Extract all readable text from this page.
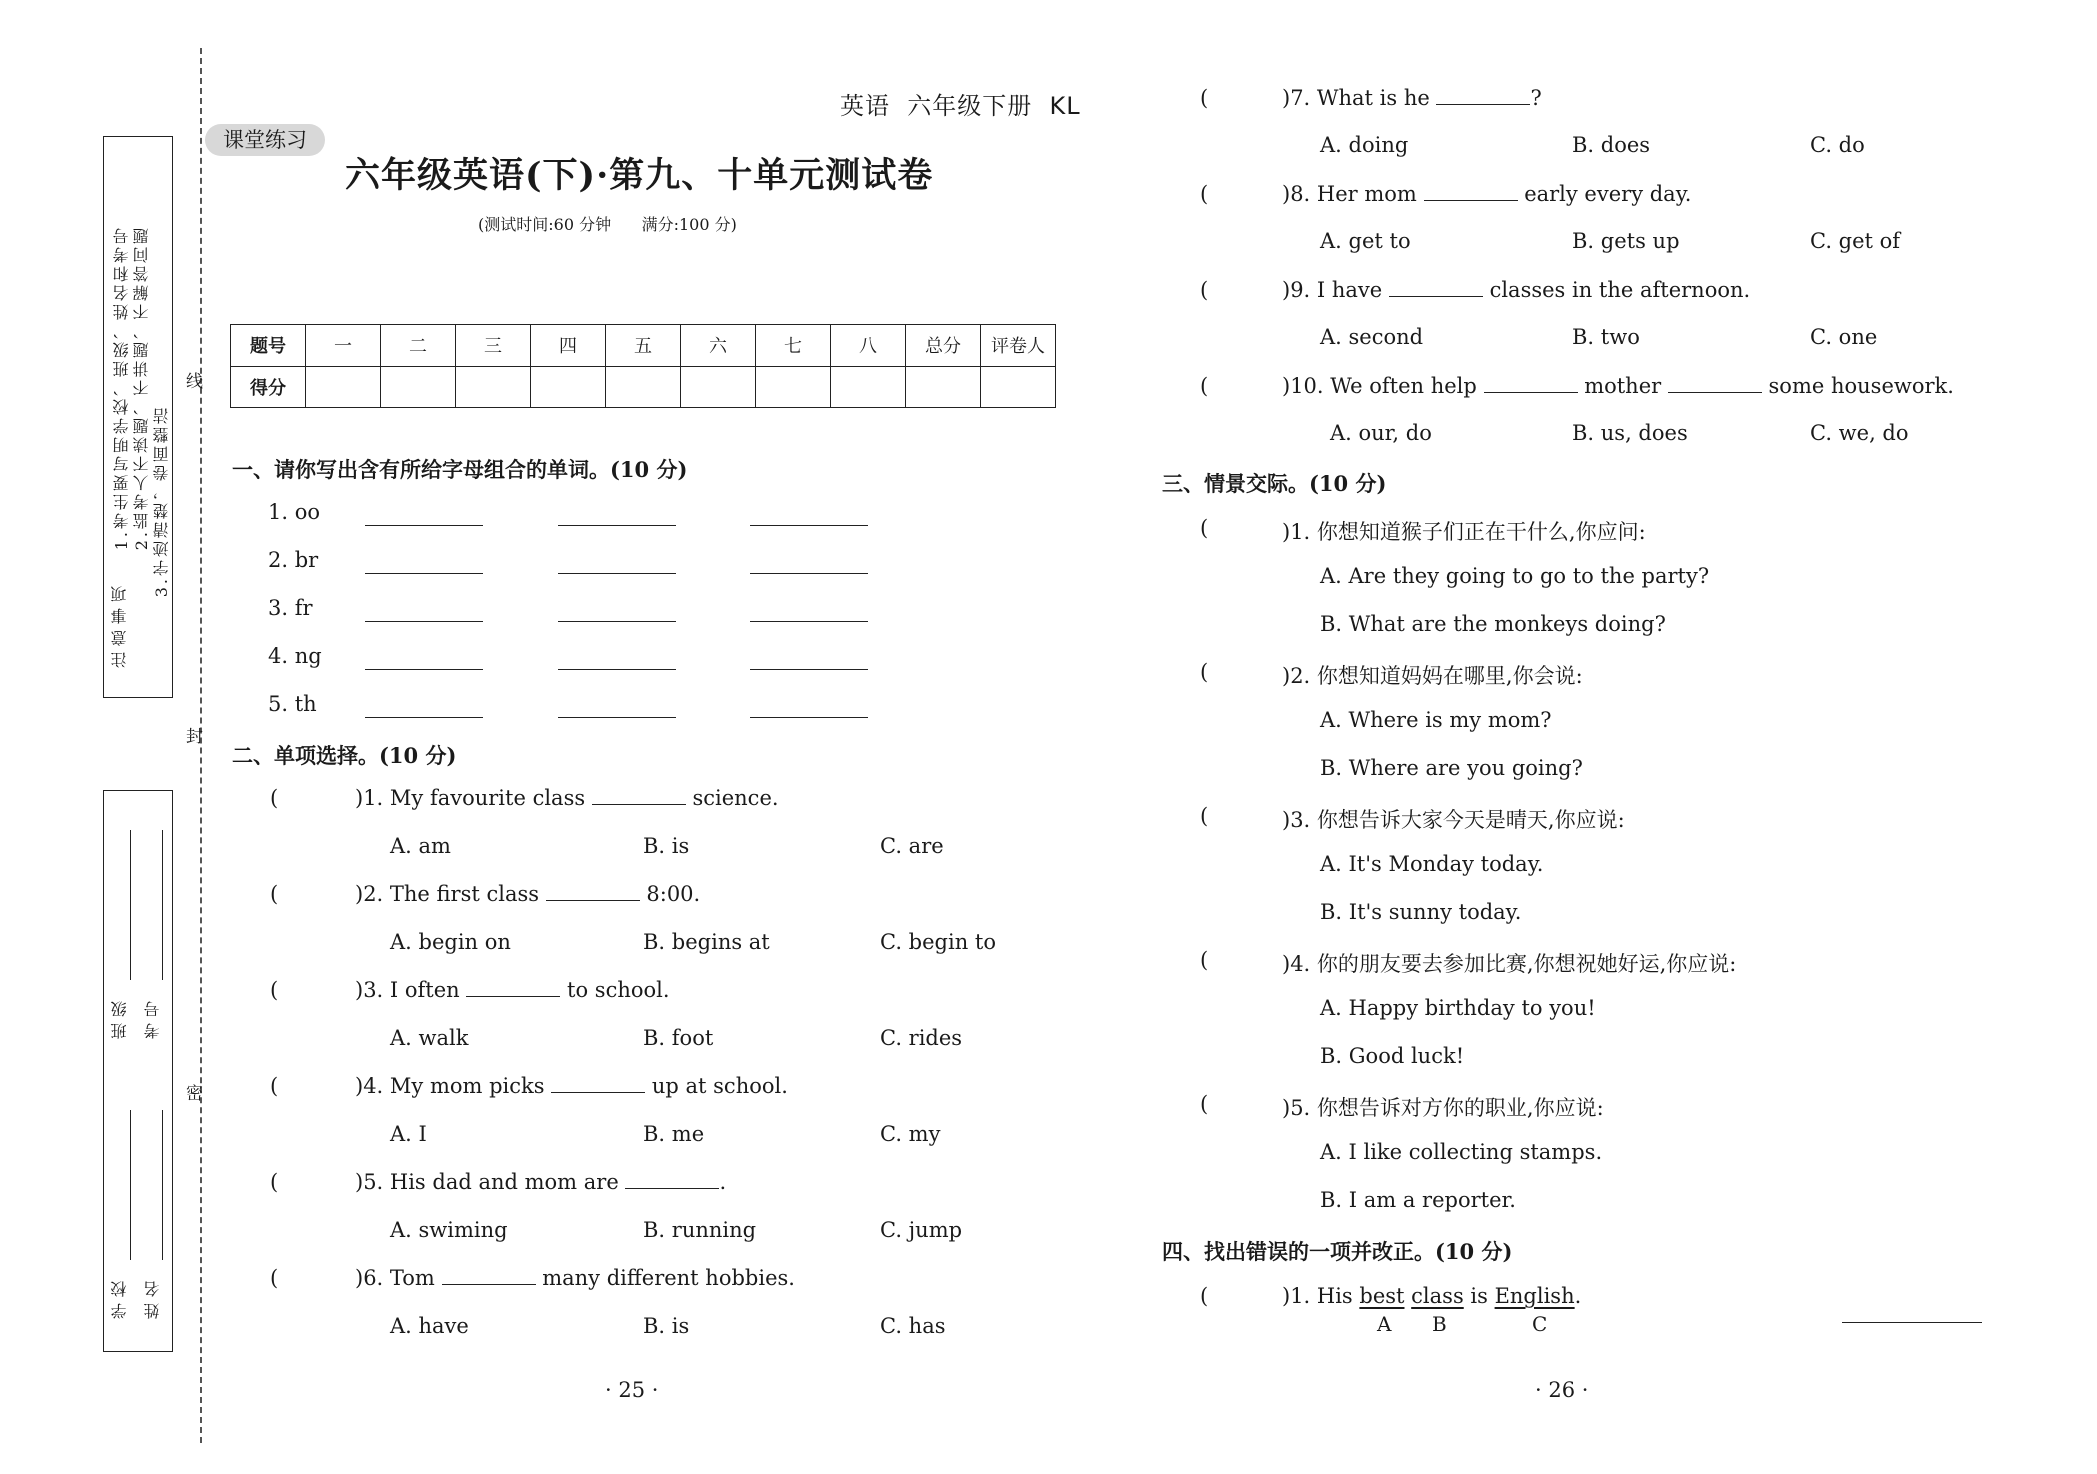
注意事项
1.考生要写明学校、班级、姓名和考号 2.监考人不读题、不讲题、不解答问题 3.字迹清楚，卷面整洁
线
封
密
班级
学校
考号
姓名
英语  六年级下册  KL
课堂练习
六年级英语(下)·第九、十单元测试卷
(测试时间:60 分钟      满分:100 分)
题号	一	二	三	四	五	六	七	八	总分	评卷人
得分										
一、请你写出含有所给字母组合的单词。(10 分)
1. oo
2. br
3. fr
4. ng
5. th
二、单项选择。(10 分)
(	)1. My favourite class	science.
A. am	B. is	C. are
(	)2. The first class	8:00.
A. begin on	B. begins at	C. begin to
(	)3. I often	to school.
A. walk	B. foot	C. rides
(	)4. My mom picks	up at school.
A. I	B. me	C. my
(	)5. His dad and mom are	.
A. swiming	B. running	C. jump
(	)6. Tom	many different hobbies.
A. have	B. is	C. has
· 25 ·
(	)7. What is he	?
A. doing	B. does	C. do
(	)8. Her mom	early every day.
A. get to	B. gets up	C. get of
(	)9. I have	classes in the afternoon.
A. second	B. two	C. one
(	)10. We often help	mother	some housework.
A. our, do	B. us, does	C. we, do
三、情景交际。(10 分)
(	)1. 你想知道猴子们正在干什么,你应问:
A. Are they going to go to the party?
B. What are the monkeys doing?
(	)2. 你想知道妈妈在哪里,你会说:
A. Where is my mom?
B. Where are you going?
(	)3. 你想告诉大家今天是晴天,你应说:
A. It's Monday today.
B. It's sunny today.
(	)4. 你的朋友要去参加比赛,你想祝她好运,你应说:
A. Happy birthday to you!
B. Good luck!
(	)5. 你想告诉对方你的职业,你应说:
A. I like collecting stamps.
B. I am a reporter.
四、找出错误的一项并改正。(10 分)
(	)1. His best class is English.
A B	C
· 26 ·
